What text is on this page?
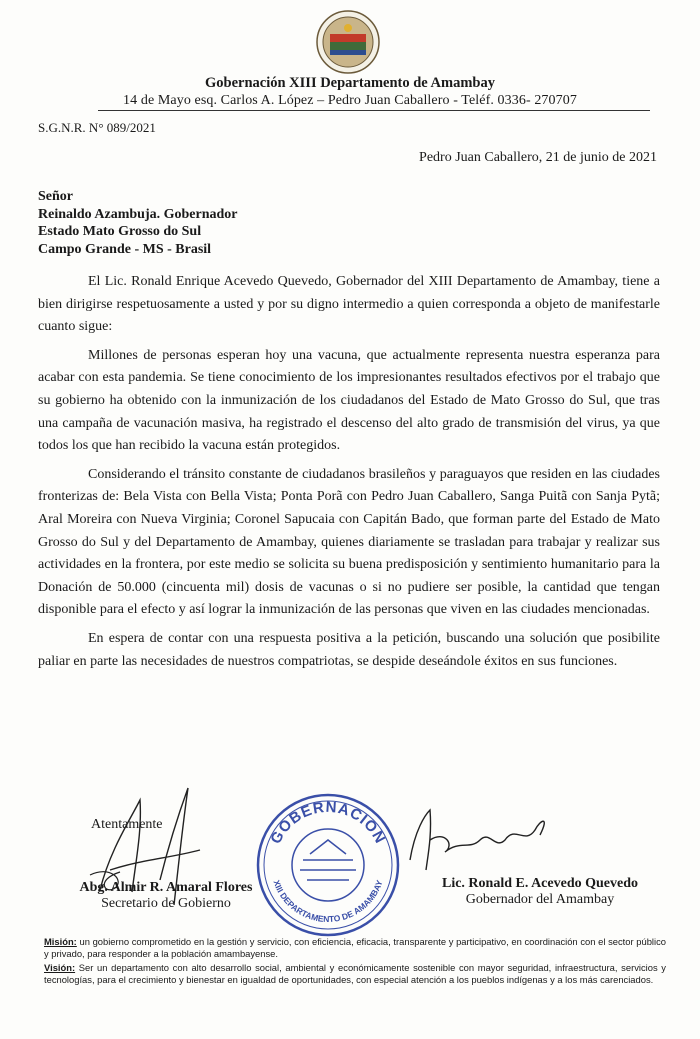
Gobernación XIII Departamento de Amambay
14 de Mayo esq. Carlos A. López – Pedro Juan Caballero - Teléf. 0336- 270707
S.G.N.R. N° 089/2021
Pedro Juan Caballero, 21 de junio de 2021
Señor
Reinaldo Azambuja. Gobernador
Estado Mato Grosso do Sul
Campo Grande - MS - Brasil

El Lic. Ronald Enrique Acevedo Quevedo, Gobernador del XIII Departamento de Amambay, tiene a bien dirigirse respetuosamente a usted y por su digno intermedio a quien corresponda a objeto de manifestarle cuanto sigue:

Millones de personas esperan hoy una vacuna, que actualmente representa nuestra esperanza para acabar con esta pandemia. Se tiene conocimiento de los impresionantes resultados efectivos por el trabajo que su gobierno ha obtenido con la inmunización de los ciudadanos del Estado de Mato Grosso do Sul, que tras una campaña de vacunación masiva, ha registrado el descenso del alto grado de transmisión del virus, ya que todos los que han recibido la vacuna están protegidos.

Considerando el tránsito constante de ciudadanos brasileños y paraguayos que residen en las ciudades fronterizas de: Bela Vista con Bella Vista; Ponta Porã con Pedro Juan Caballero, Sanga Puitã con Sanja Pytã; Aral Moreira con Nueva Virginia; Coronel Sapucaia con Capitán Bado, que forman parte del Estado de Mato Grosso do Sul y del Departamento de Amambay, quienes diariamente se trasladan para trabajar y realizar sus actividades en la frontera, por este medio se solicita su buena predisposición y sentimiento humanitario para la Donación de 50.000 (cincuenta mil) dosis de vacunas o si no pudiere ser posible, la cantidad que tengan disponible para el efecto y así lograr la inmunización de las personas que viven en las ciudades mencionadas.

En espera de contar con una respuesta positiva a la petición, buscando una solución que posibilite paliar en parte las necesidades de nuestros compatriotas, se despide deseándole éxitos en sus funciones.

Atentamente
GOBERNACION
XIII DEPARTAMENTO DE AMAMBAY
Abg. Almir R. Amaral Flores
Secretario de Gobierno
Lic. Ronald E. Acevedo Quevedo
Gobernador del Amambay

Misión: un gobierno comprometido en la gestión y servicio, con eficiencia, eficacia, transparente y participativo, en coordinación con el sector público y privado, para responder a la población amambayense.

Visión: Ser un departamento con alto desarrollo social, ambiental y económicamente sostenible con mayor seguridad, infraestructura, servicios y tecnologías, para el crecimiento y bienestar en igualdad de oportunidades, con especial atención a los pueblos indígenas y a los más carenciados.
